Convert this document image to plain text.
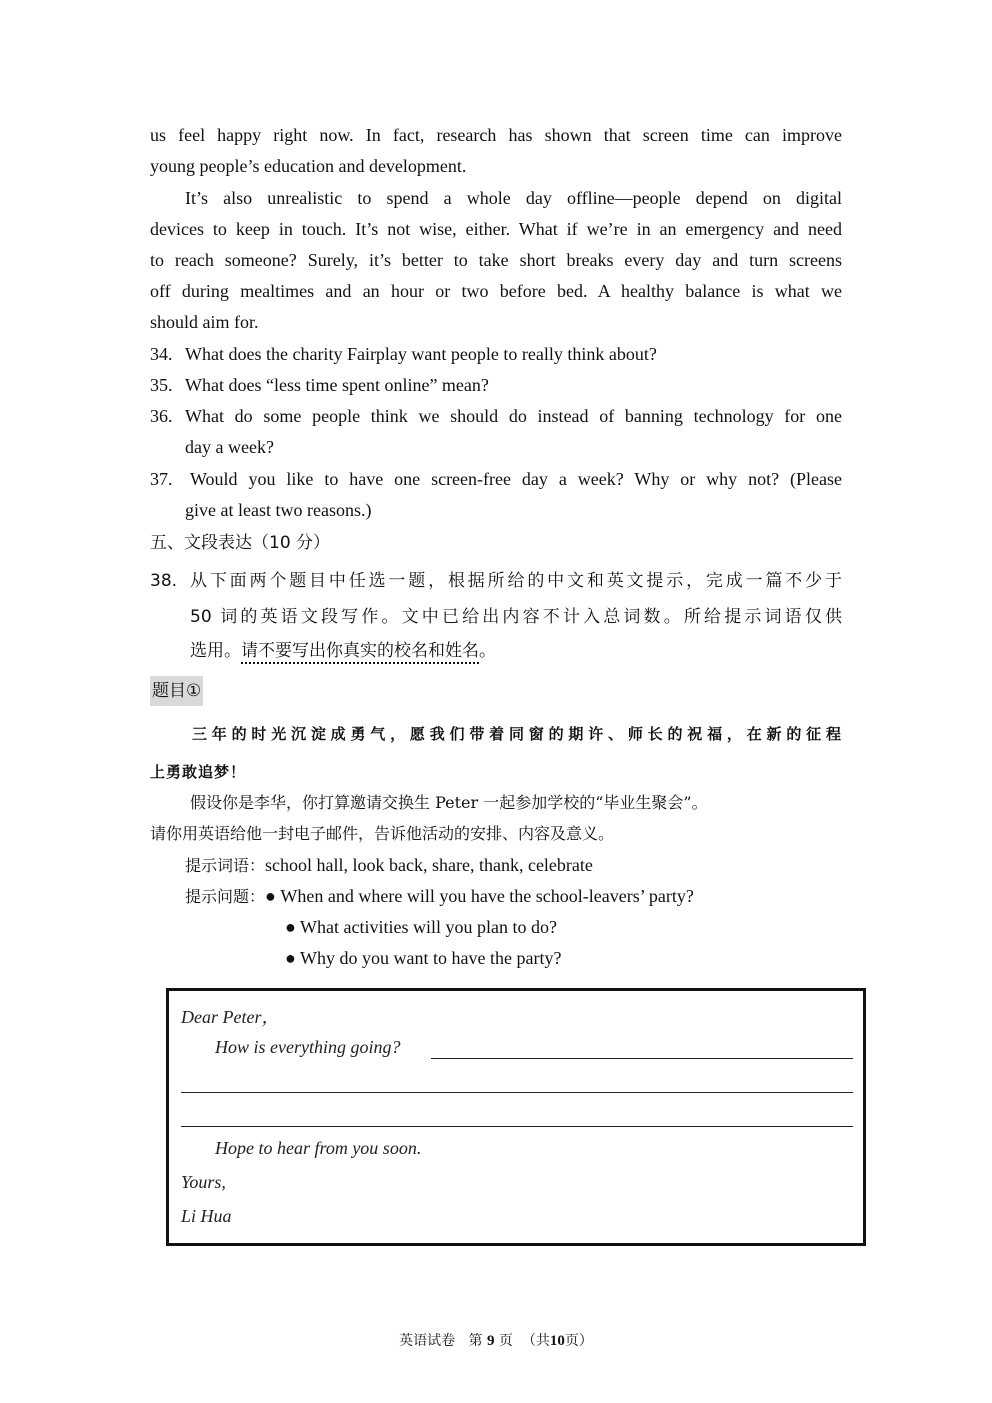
us feel happy right now. In fact, research has shown that screen time can improve
young people’s education and development.
It’s also unrealistic to spend a whole day offline—people depend on digital
devices to keep in touch. It’s not wise, either. What if we’re in an emergency and need
to reach someone? Surely, it’s better to take short breaks every day and turn screens
off during mealtimes and an hour or two before bed. A healthy balance is what we
should aim for.
34. What does the charity Fairplay want people to really think about?
35. What does “less time spent online” mean?
36. What do some people think we should do instead of banning technology for one
day a week?
37. Would you like to have one screen-free day a week? Why or why not? (Please
give at least two reasons.)
五、文段表达（10 分）
38. 从下面两个题目中任选一题，根据所给的中文和英文提示，完成一篇不少于
50 词的英语文段写作。文中已给出内容不计入总词数。所给提示词语仅供
选用。请不要写出你真实的校名和姓名。
题目①
三年的时光沉淀成勇气，愿我们带着同窗的期许、师长的祝福，在新的征程
上勇敢追梦！
假设你是李华，你打算邀请交换生 Peter 一起参加学校的“毕业生聚会”。
请你用英语给他一封电子邮件，告诉他活动的安排、内容及意义。
提示词语：school hall, look back, share, thank, celebrate
提示问题：● When and where will you have the school-leavers’ party?
● What activities will you plan to do?
● Why do you want to have the party?
Dear Peter，
How is everything going?
Hope to hear from you soon.
Yours,
Li Hua
英语试卷 第 9 页 （共10页）
